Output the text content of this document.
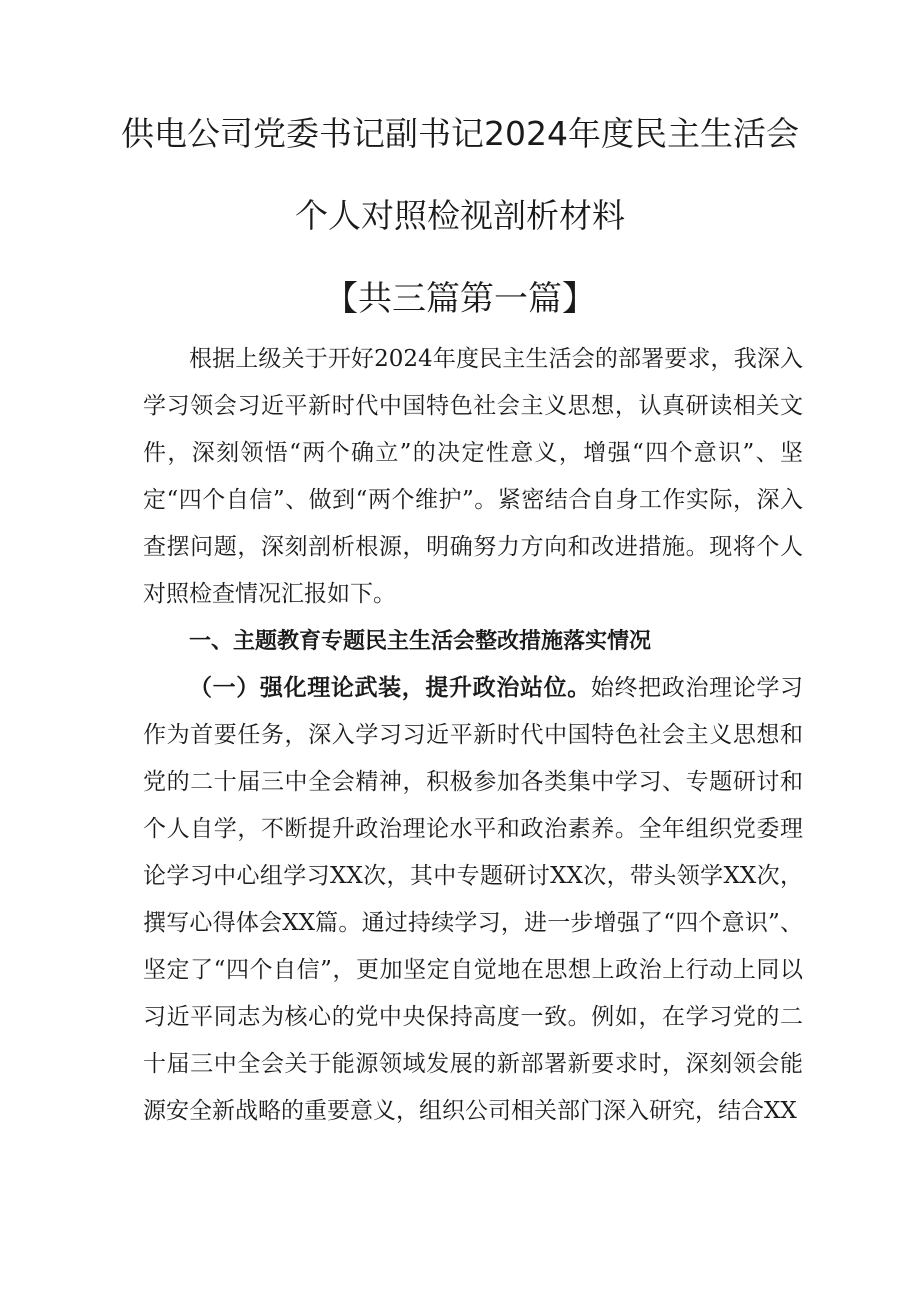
供电公司党委书记副书记2024年度民主生活会
个人对照检视剖析材料
【共三篇第一篇】

根据上级关于开好2024年度民主生活会的部署要求，我深入学习领会习近平新时代中国特色社会主义思想，认真研读相关文件，深刻领悟“两个确立”的决定性意义，增强“四个意识”、坚定“四个自信”、做到“两个维护”。紧密结合自身工作实际，深入查摆问题，深刻剖析根源，明确努力方向和改进措施。现将个人对照检查情况汇报如下。

一、主题教育专题民主生活会整改措施落实情况

（一）强化理论武装，提升政治站位。始终把政治理论学习作为首要任务，深入学习习近平新时代中国特色社会主义思想和党的二十届三中全会精神，积极参加各类集中学习、专题研讨和个人自学，不断提升政治理论水平和政治素养。全年组织党委理论学习中心组学习XX次，其中专题研讨XX次，带头领学XX次，撰写心得体会XX篇。通过持续学习，进一步增强了“四个意识”、坚定了“四个自信”，更加坚定自觉地在思想上政治上行动上同以习近平同志为核心的党中央保持高度一致。例如，在学习党的二十届三中全会关于能源领域发展的新部署新要求时，深刻领会能源安全新战略的重要意义，组织公司相关部门深入研究，结合XX
